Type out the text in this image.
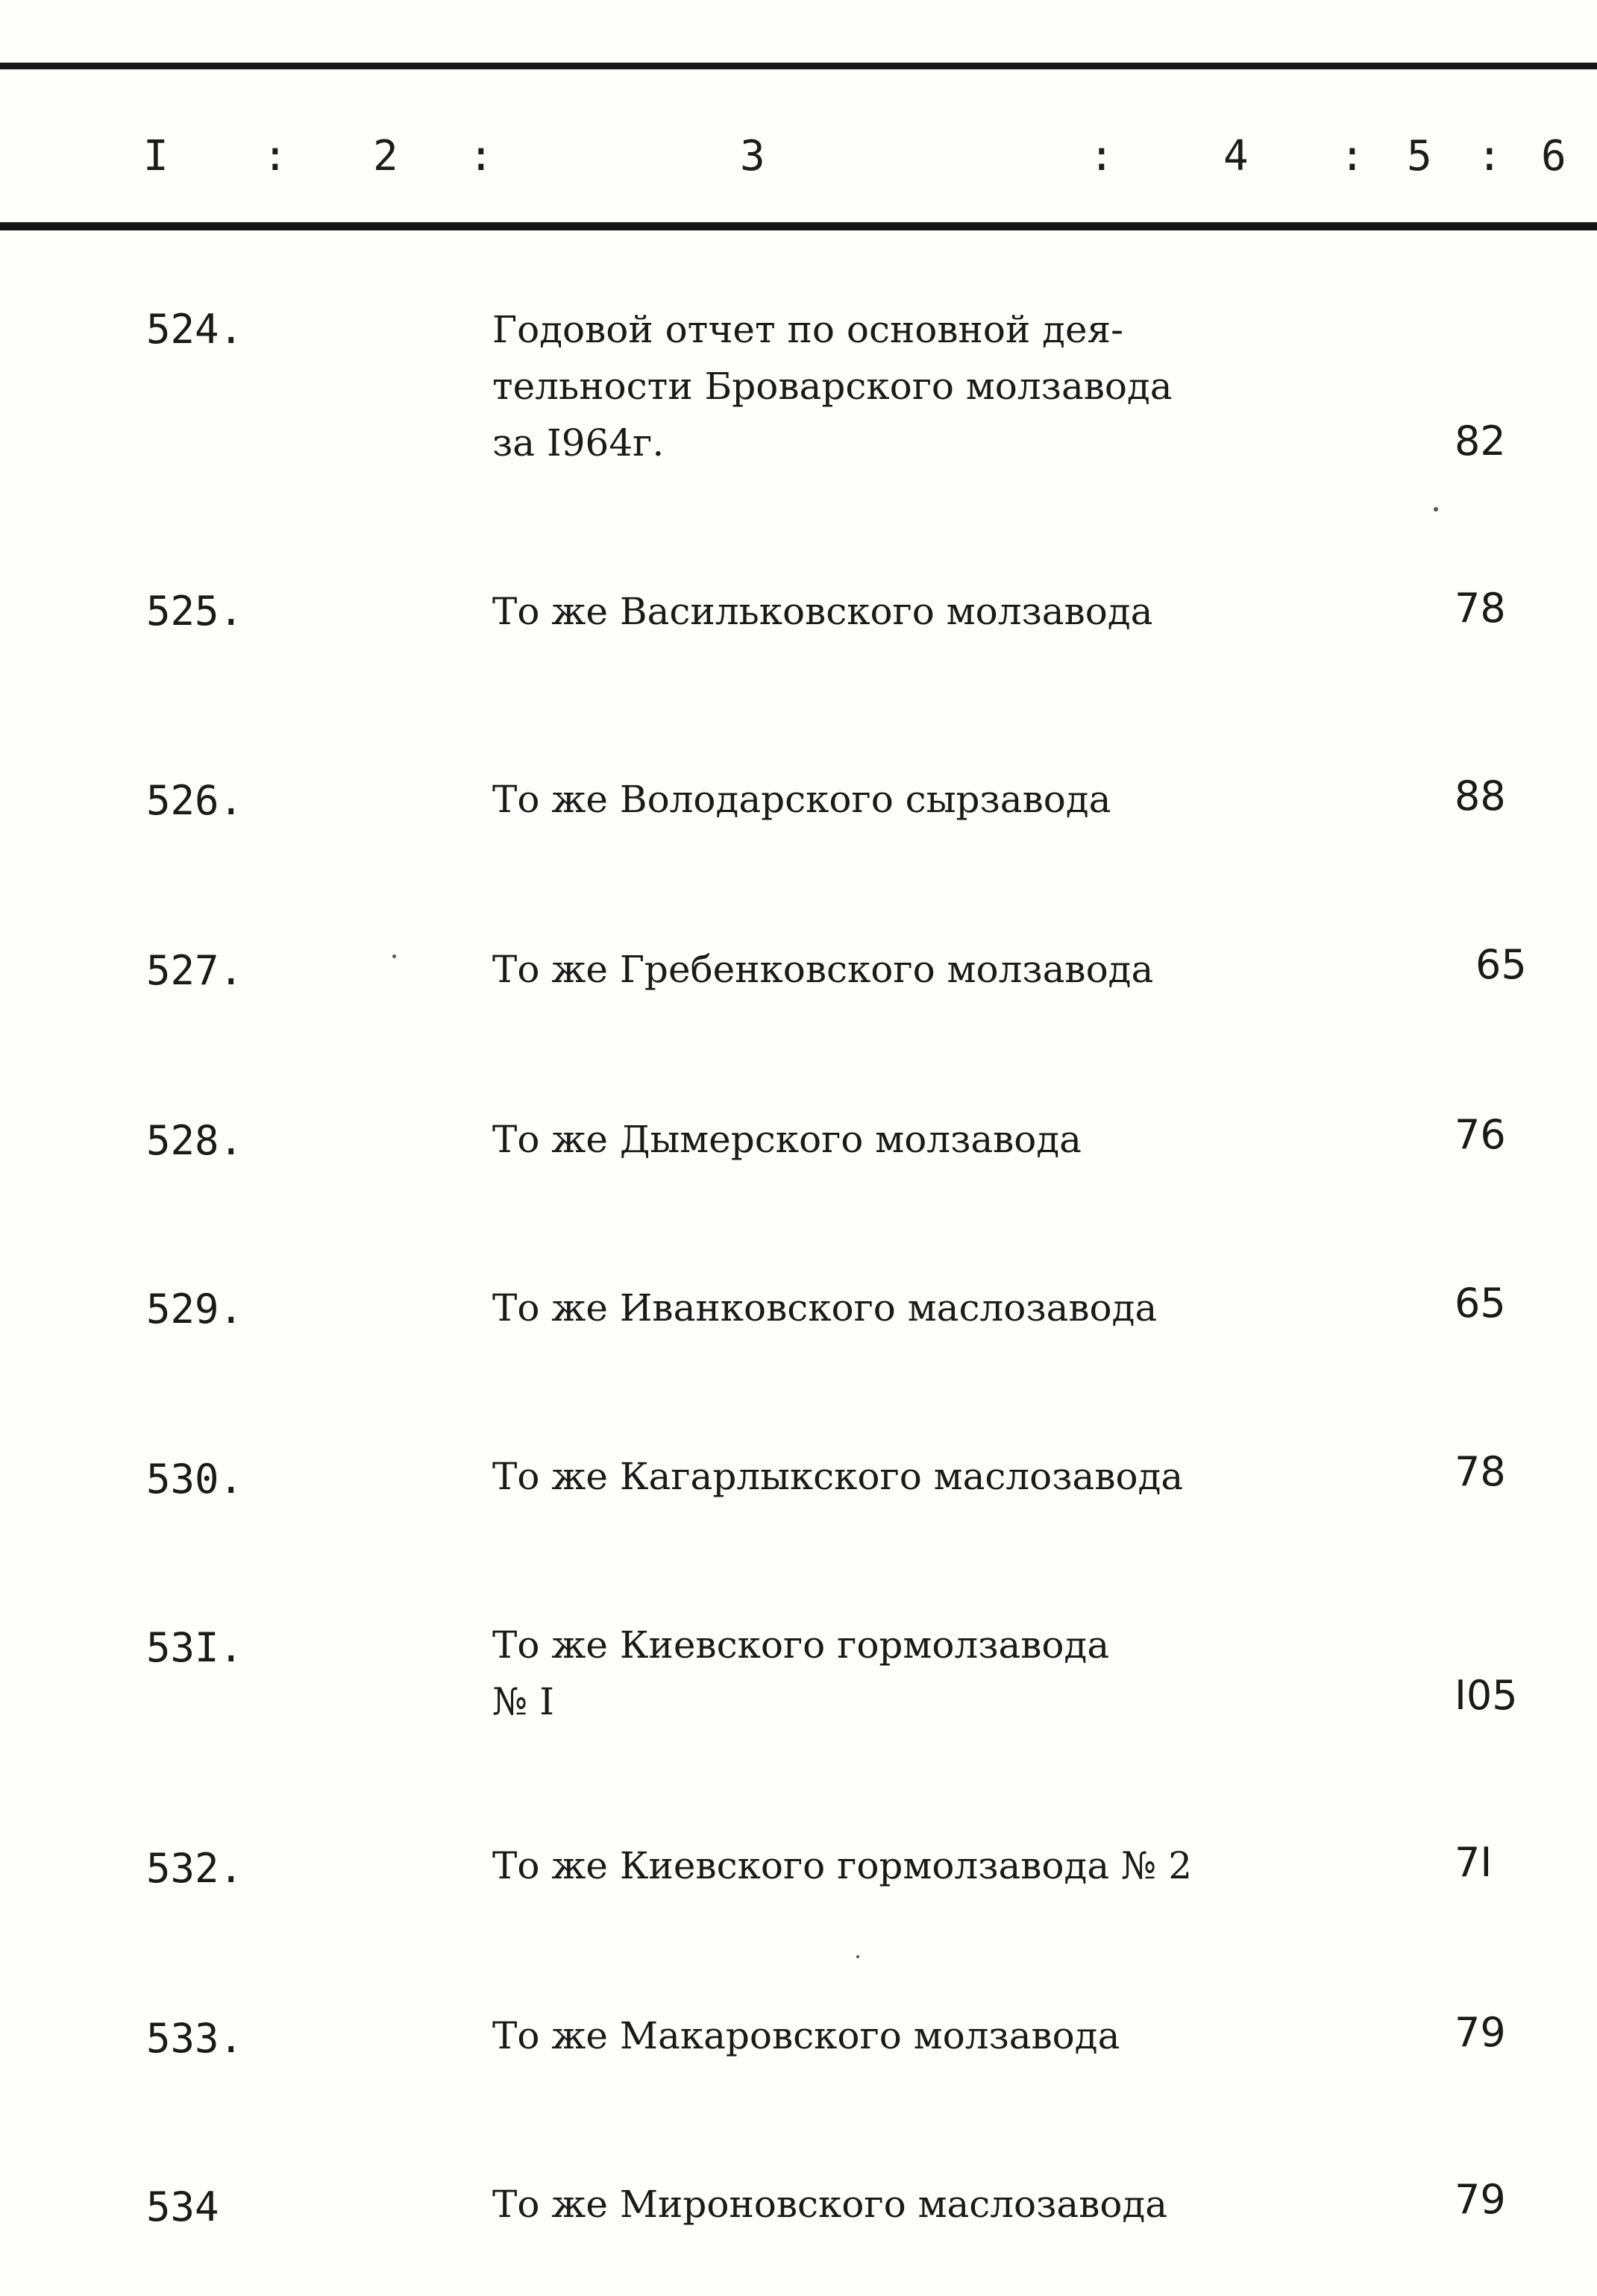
I : 2 :	3	:	4 : 5 : 6
524.	Годовой отчет по основной дея-
тельности Броварского молзавода
за I964г.	82
525.	То же Васильковского молзавода	78
526.	То же Володарского сырзавода	88
527.	То же Гребенковского молзавода	65
528.	То же Дымерского молзавода	76
529.	То же Иванковского маслозавода	65
530.	То же Кагарлыкского маслозавода	78
53I.	То же Киевского гормолзавода
№ I	I05
532.	То же Киевского гормолзавода № 2	7I
533.	То же Макаровского молзавода	79
534	То же Мироновского маслозавода	79
